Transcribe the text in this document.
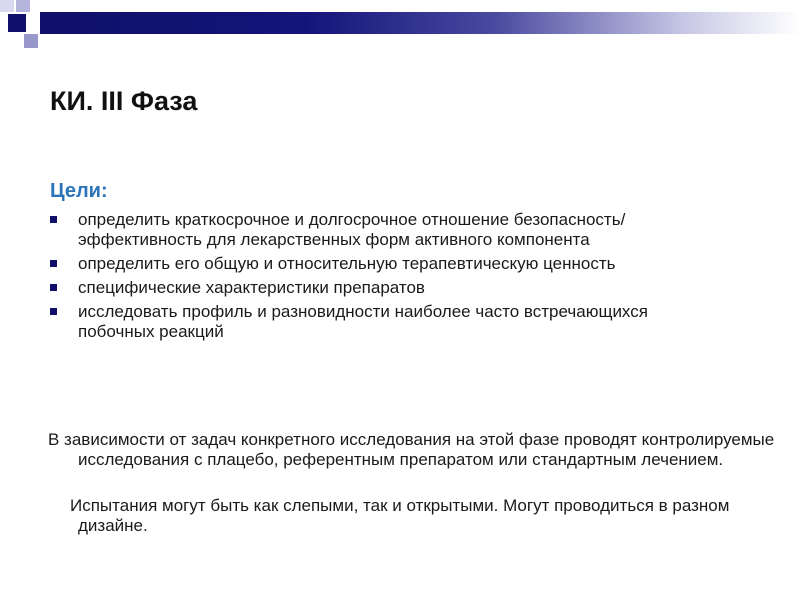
КИ. III Фаза
Цели:
определить краткосрочное и долгосрочное отношение безопасность/эффективность для лекарственных форм активного компонента
определить его общую и относительную терапевтическую ценность
специфические характеристики препаратов
исследовать профиль и разновидности наиболее часто встречающихся побочных реакций

В зависимости от задач конкретного исследования на этой фазе проводят контролируемые исследования с плацебо, референтным препаратом или стандартным лечением.

Испытания могут быть как слепыми, так и открытыми. Могут проводиться в разном дизайне.
